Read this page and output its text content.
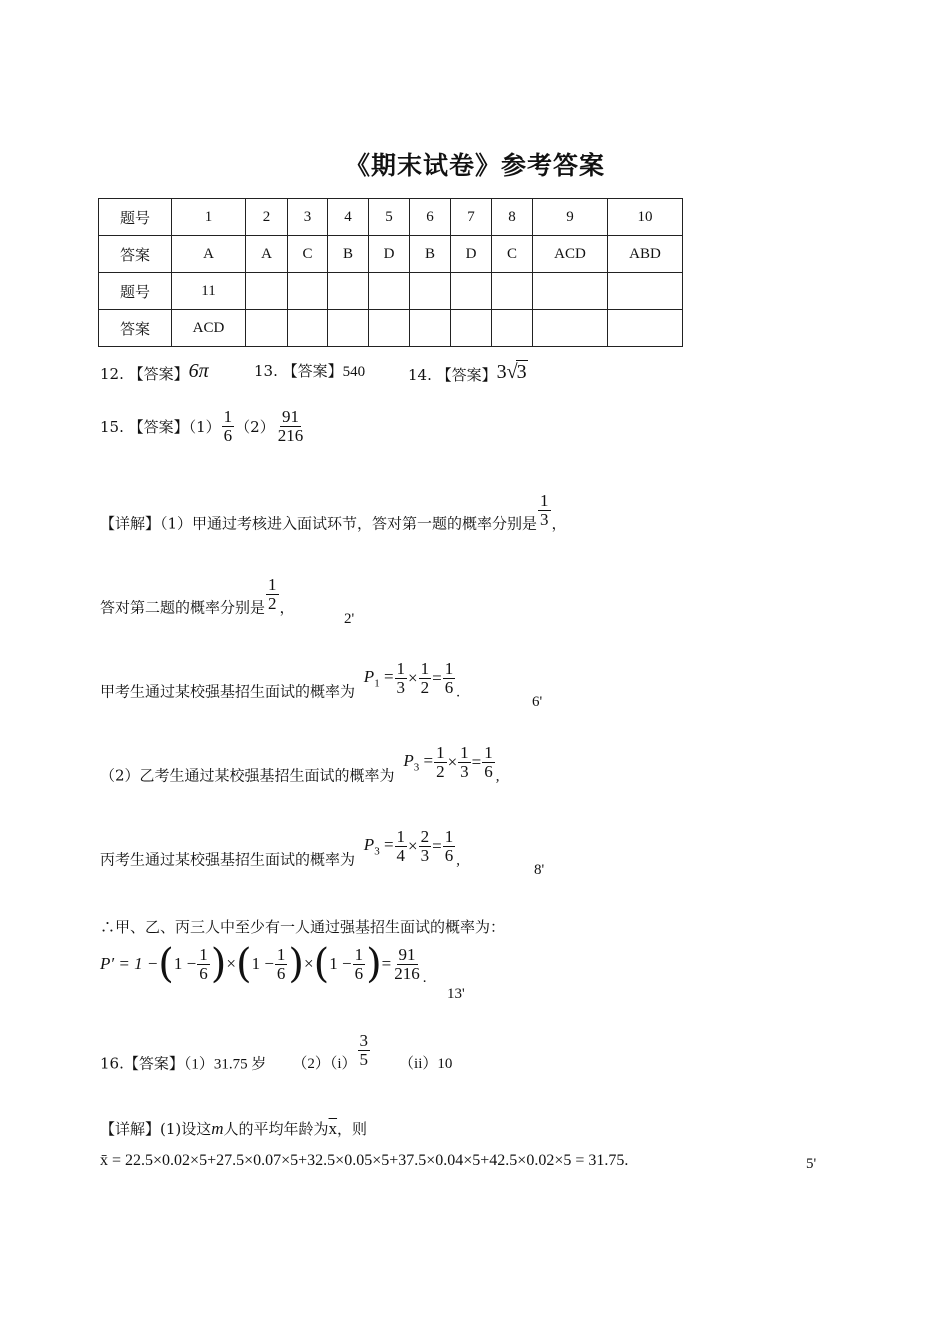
《期末试卷》参考答案
题号	1	2	3	4	5	6	7	8	9	10
答案	A	A	C	B	D	B	D	C	ACD	ABD
题号	11									
答案	ACD									
12. 【答案】6π	13. 【答案】540	14. 【答案】3√3
15. 【答案】$(1) \frac{1}{6} (2) \frac{91}{216}$
【详解】（1）甲通过考核进入面试环节，答对第一题的概率分别是 $\frac{1}{3}$ ，
答对第二题的概率分别是 $\frac{1}{2}$ ，
2'
甲考生通过某校强基招生面试的概率为 $P_1 = \frac{1}{3} \times \frac{1}{2} = \frac{1}{6}$ .
6'
（2）乙考生通过某校强基招生面试的概率为 $P_3 = \frac{1}{2} \times \frac{1}{3} = \frac{1}{6}$ ,
丙考生通过某校强基招生面试的概率为 $P_3 = \frac{1}{4} \times \frac{2}{3} = \frac{1}{6}$ ,
8'
∴甲、乙、丙三人中至少有一人通过强基招生面试的概率为：
$P' = 1 -(1 - \frac{1}{6} )\times(1 - \frac{1}{6} )\times(1 - \frac{1}{6}$ )= $\frac{91}{216}$ .
13'
16.【答案】（1）31.75 岁 $(2)(i) \frac{3}{5} (ii)10$
【详解】(1)设这m人的平均年龄为$\overline{x}$，则
x̄ = 22.5×0.02×5+27.5×0.07×5+32.5×0.05×5+37.5×0.04×5+42.5×0.02×5 = 31.75.	5'
